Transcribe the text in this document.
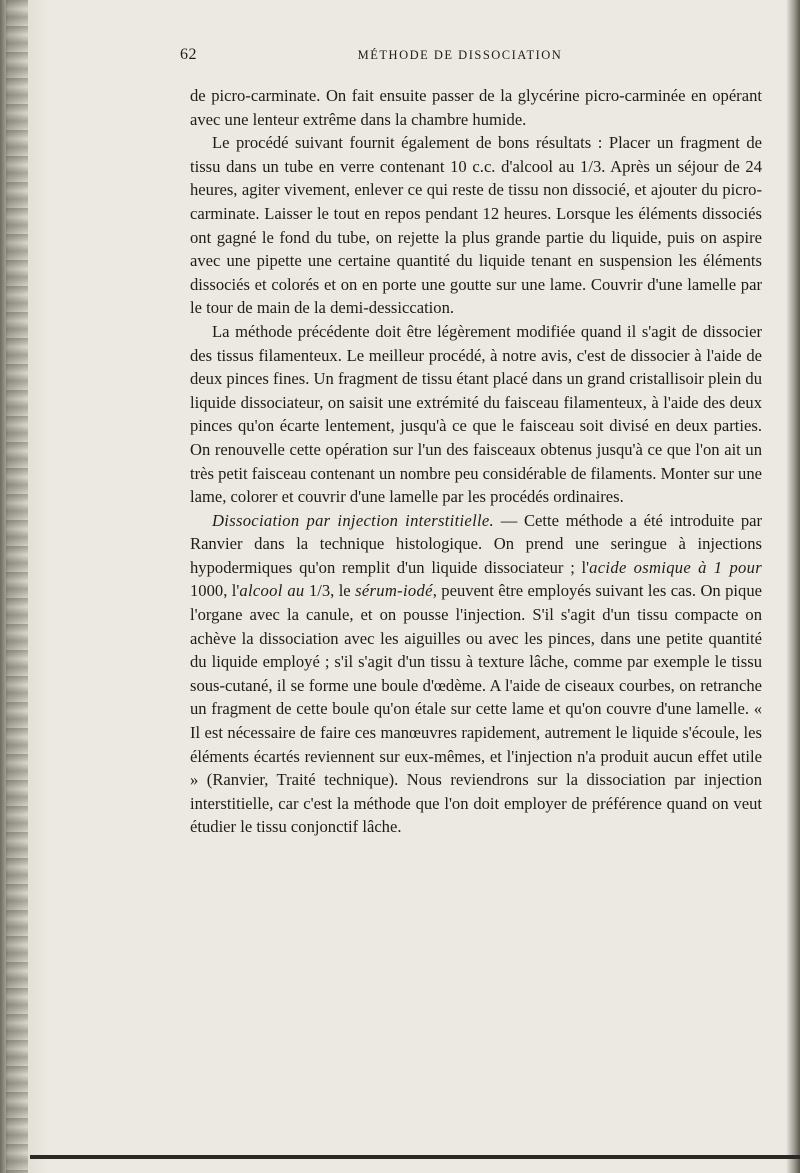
62	MÉTHODE DE DISSOCIATION

de picro-carminate. On fait ensuite passer de la glycérine picro-carminée en opérant avec une lenteur extrême dans la chambre humide.

Le procédé suivant fournit également de bons résultats : Placer un fragment de tissu dans un tube en verre contenant 10 c.c. d'alcool au 1/3. Après un séjour de 24 heures, agiter vivement, enlever ce qui reste de tissu non dissocié, et ajouter du picro-carminate. Laisser le tout en repos pendant 12 heures. Lorsque les éléments dissociés ont gagné le fond du tube, on rejette la plus grande partie du liquide, puis on aspire avec une pipette une certaine quantité du liquide tenant en suspension les éléments dissociés et colorés et on en porte une goutte sur une lame. Couvrir d'une lamelle par le tour de main de la demi-dessiccation.

La méthode précédente doit être légèrement modifiée quand il s'agit de dissocier des tissus filamenteux. Le meilleur procédé, à notre avis, c'est de dissocier à l'aide de deux pinces fines. Un fragment de tissu étant placé dans un grand cristallisoir plein du liquide dissociateur, on saisit une extrémité du faisceau filamenteux, à l'aide des deux pinces qu'on écarte lentement, jusqu'à ce que le faisceau soit divisé en deux parties. On renouvelle cette opération sur l'un des faisceaux obtenus jusqu'à ce que l'on ait un très petit faisceau contenant un nombre peu considérable de filaments. Monter sur une lame, colorer et couvrir d'une lamelle par les procédés ordinaires.

Dissociation par injection interstitielle. — Cette méthode a été introduite par Ranvier dans la technique histologique. On prend une seringue à injections hypodermiques qu'on remplit d'un liquide dissociateur ; l'acide osmique à 1 pour 1000, l'alcool au 1/3, le sérum-iodé, peuvent être employés suivant les cas. On pique l'organe avec la canule, et on pousse l'injection. S'il s'agit d'un tissu compacte on achève la dissociation avec les aiguilles ou avec les pinces, dans une petite quantité du liquide employé ; s'il s'agit d'un tissu à texture lâche, comme par exemple le tissu sous-cutané, il se forme une boule d'œdème. A l'aide de ciseaux courbes, on retranche un fragment de cette boule qu'on étale sur cette lame et qu'on couvre d'une lamelle. « Il est nécessaire de faire ces manœuvres rapidement, autrement le liquide s'écoule, les éléments écartés reviennent sur eux-mêmes, et l'injection n'a produit aucun effet utile » (Ranvier, Traité technique). Nous reviendrons sur la dissociation par injection interstitielle, car c'est la méthode que l'on doit employer de préférence quand on veut étudier le tissu conjonctif lâche.
